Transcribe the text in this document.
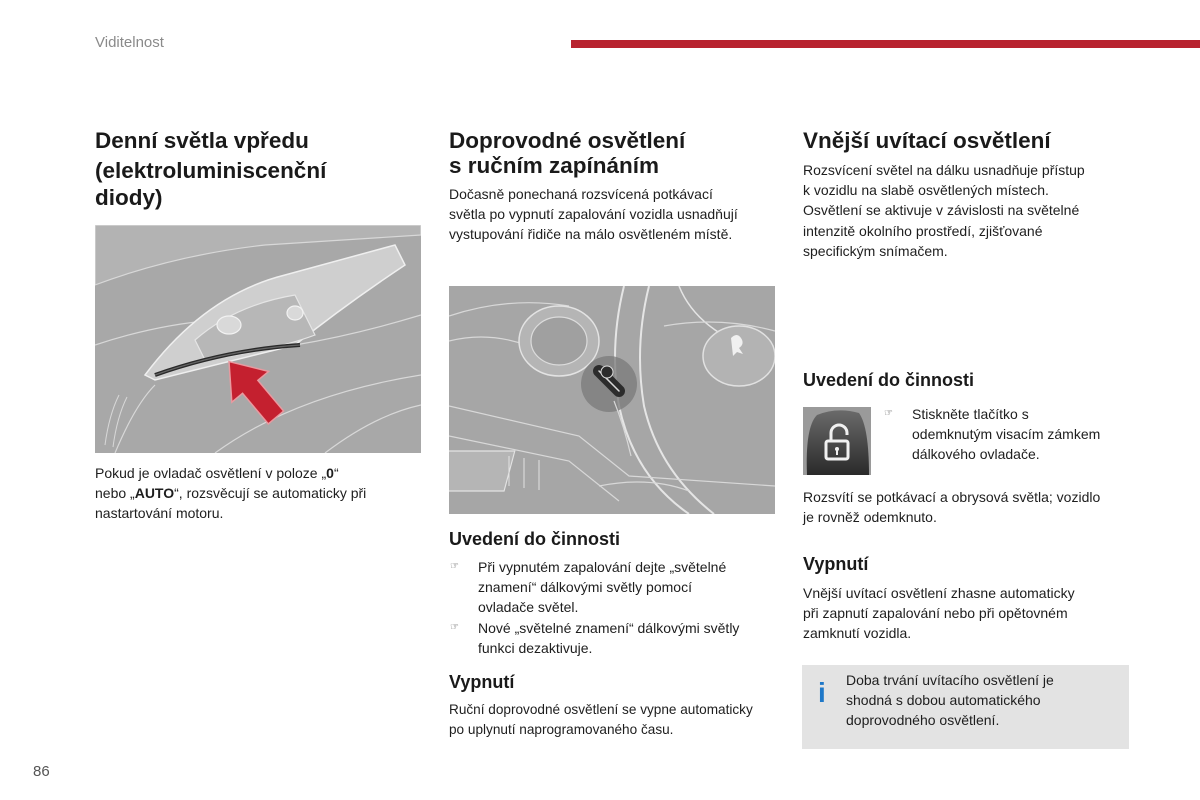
Viditelnost
Denní světla vpředu
(elektroluminiscenční
diody)

Pokud je ovladač osvětlení v poloze „0“

nebo „AUTO“, rozsvěcují se automaticky při

nastartování motoru.

Doprovodné osvětlení
s ručním zapínáním

Dočasně ponechaná rozsvícená potkávací

světla po vypnutí zapalování vozidla usnadňují

vystupování řidiče na málo osvětleném místě.

Uvedení do činnosti
☞ Při vypnutém zapalování dejte „světelné
znamení“ dálkovými světly pomocí
ovladače světel.
☞ Nové „světelné znamení“ dálkovými světly
funkci dezaktivuje.
Vypnutí

Ruční doprovodné osvětlení se vypne automaticky

po uplynutí naprogramovaného času.

Vnější uvítací osvětlení

Rozsvícení světel na dálku usnadňuje přístup

k vozidlu na slabě osvětlených místech.

Osvětlení se aktivuje v závislosti na světelné

intenzitě okolního prostředí, zjišťované

specifickým snímačem.

Uvedení do činnosti
☞ Stiskněte tlačítko s
odemknutým visacím zámkem
dálkového ovladače.

Rozsvítí se potkávací a obrysová světla; vozidlo

je rovněž odemknuto.

Vypnutí

Vnější uvítací osvětlení zhasne automaticky

při zapnutí zapalování nebo při opětovném

zamknutí vozidla.

i Doba trvání uvítacího osvětlení je

shodná s dobou automatického

doprovodného osvětlení.

86
